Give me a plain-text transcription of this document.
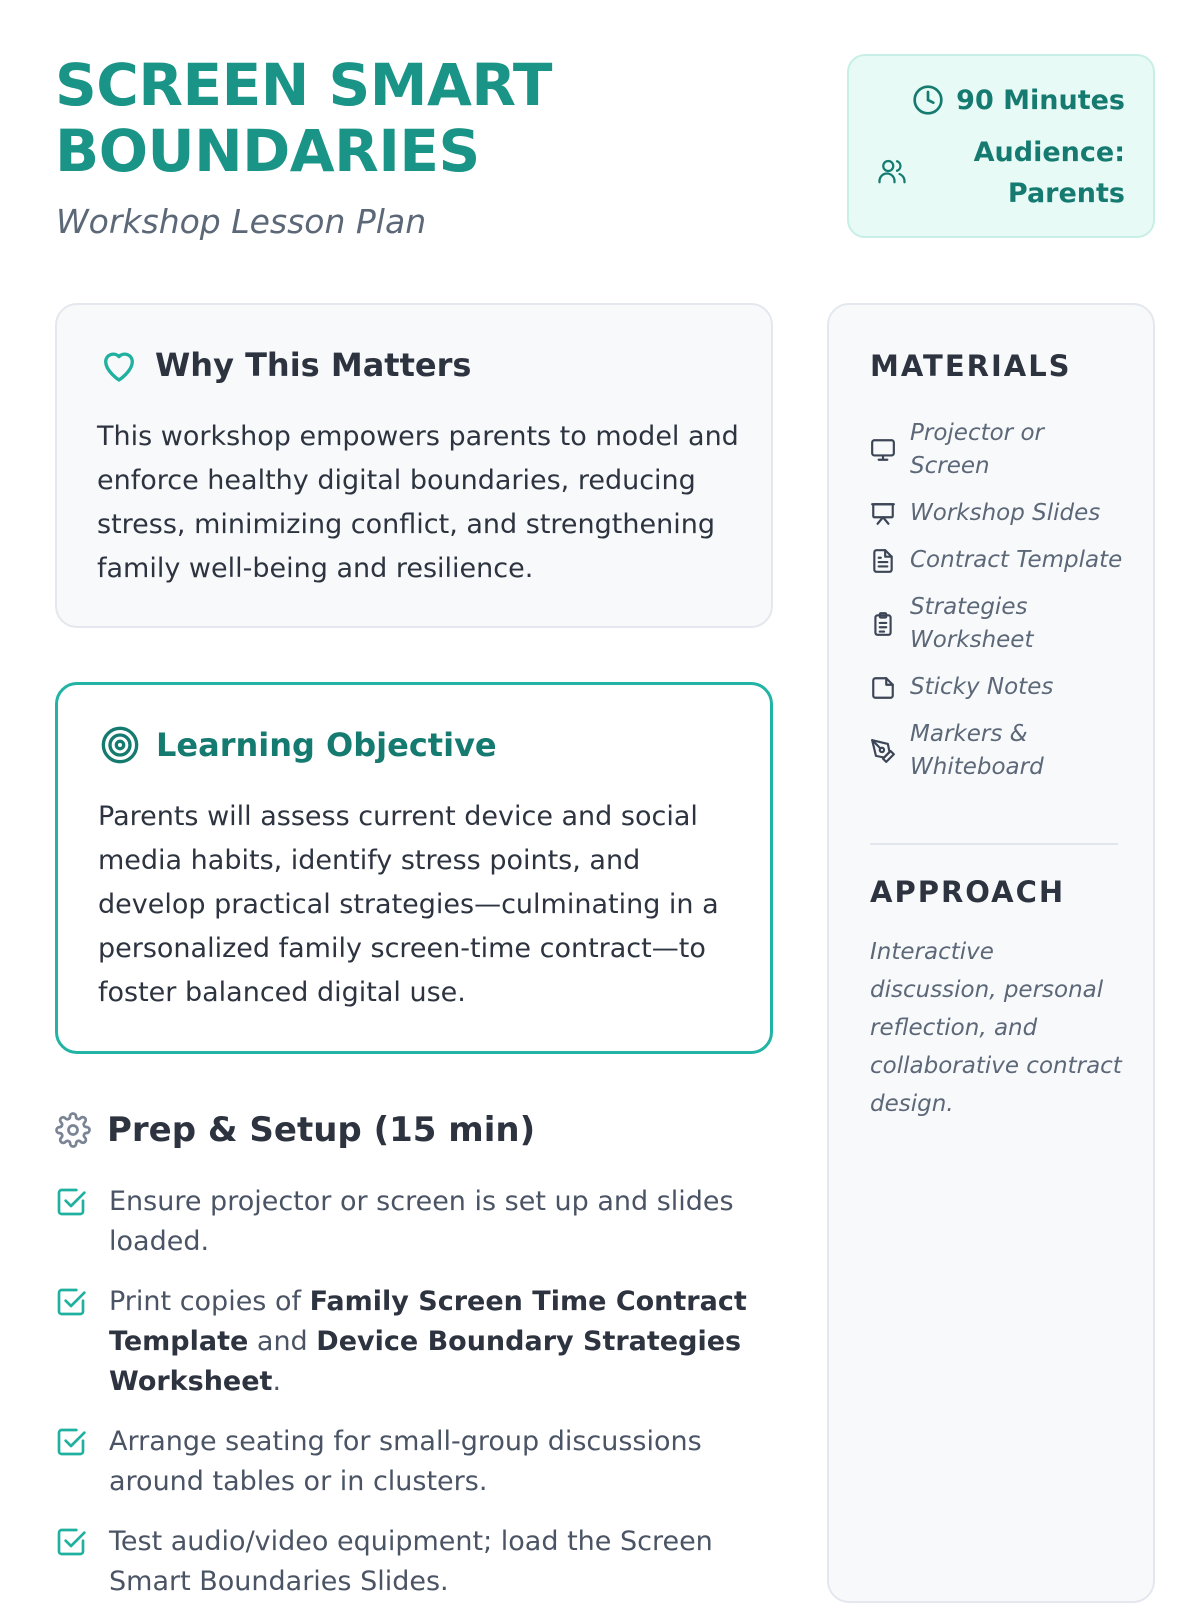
SCREEN SMART BOUNDARIES
Workshop Lesson Plan
90 Minutes
Audience:
Parents
Why This Matters

This workshop empowers parents to model and enforce healthy digital boundaries, reducing stress, minimizing conflict, and strengthening family well-being and resilience.

Learning Objective

Parents will assess current device and social media habits, identify stress points, and develop practical strategies—culminating in a personalized family screen-time contract—to foster balanced digital use.

Prep & Setup (15 min)
Ensure projector or screen is set up and slides loaded.
Print copies of Family Screen Time Contract Template and Device Boundary Strategies Worksheet.
Arrange seating for small-group discussions around tables or in clusters.
Test audio/video equipment; load the Screen Smart Boundaries Slides.
MATERIALS
Projector or Screen
Workshop Slides
Contract Template
Strategies Worksheet
Sticky Notes
Markers & Whiteboard
APPROACH

Interactive discussion, personal reflection, and collaborative contract design.
